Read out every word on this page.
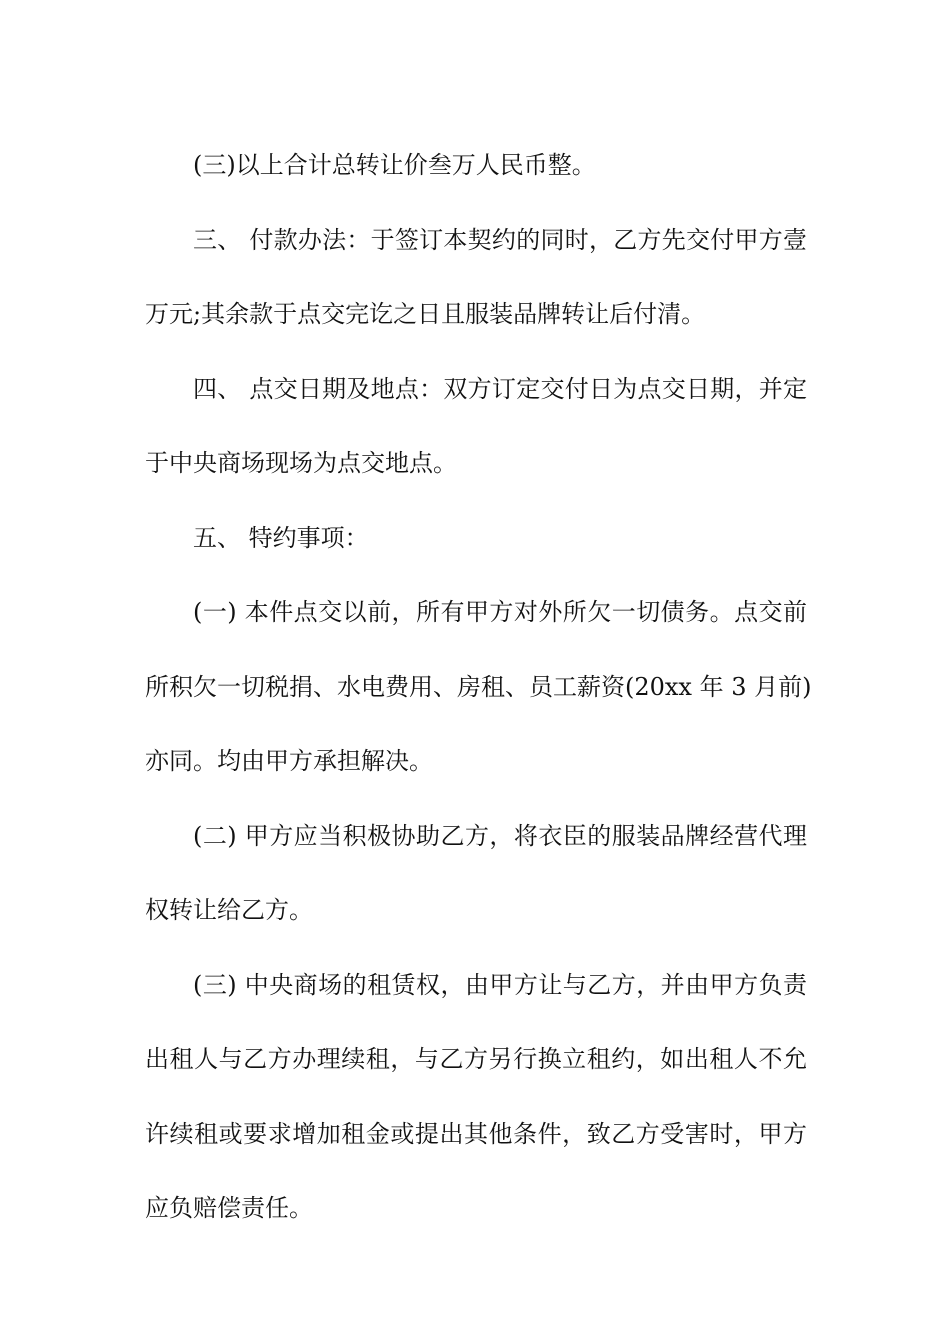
(三)以上合计总转让价叁万人民币整。
三、 付款办法：于签订本契约的同时，乙方先交付甲方壹
万元;其余款于点交完讫之日且服装品牌转让后付清。
四、 点交日期及地点：双方订定交付日为点交日期，并定
于中央商场现场为点交地点。
五、 特约事项：
(一) 本件点交以前，所有甲方对外所欠一切债务。点交前
所积欠一切税捐、水电费用、房租、员工薪资(20xx 年 3 月前)
亦同。均由甲方承担解决。
(二) 甲方应当积极协助乙方，将衣臣的服装品牌经营代理
权转让给乙方。
(三) 中央商场的租赁权，由甲方让与乙方，并由甲方负责
出租人与乙方办理续租，与乙方另行换立租约，如出租人不允
许续租或要求增加租金或提出其他条件，致乙方受害时，甲方
应负赔偿责任。
